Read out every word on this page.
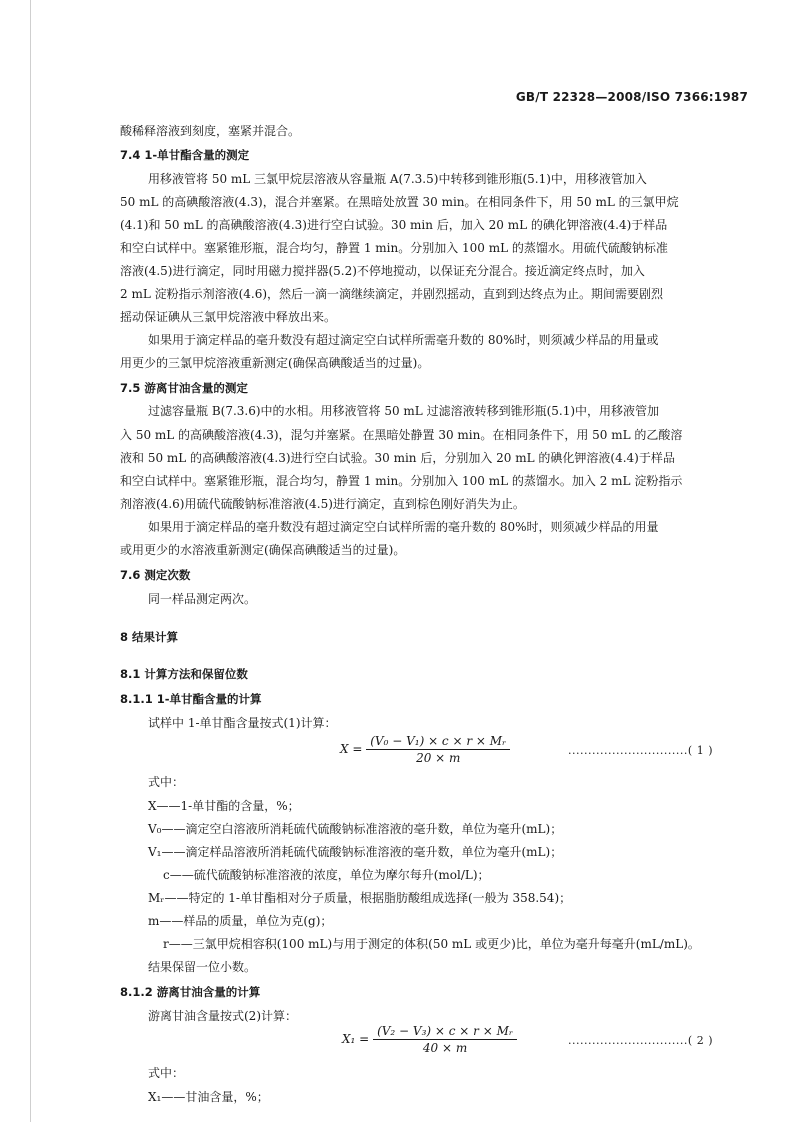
GB/T 22328—2008/ISO 7366:1987
酸稀释溶液到刻度，塞紧并混合。
7.4 1-单甘酯含量的测定
用移液管将 50 mL 三氯甲烷层溶液从容量瓶 A(7.3.5)中转移到锥形瓶(5.1)中，用移液管加入
50 mL 的高碘酸溶液(4.3)，混合并塞紧。在黑暗处放置 30 min。在相同条件下，用 50 mL 的三氯甲烷
(4.1)和 50 mL 的高碘酸溶液(4.3)进行空白试验。30 min 后，加入 20 mL 的碘化钾溶液(4.4)于样品
和空白试样中。塞紧锥形瓶，混合均匀，静置 1 min。分别加入 100 mL 的蒸馏水。用硫代硫酸钠标准
溶液(4.5)进行滴定，同时用磁力搅拌器(5.2)不停地搅动，以保证充分混合。接近滴定终点时，加入
2 mL 淀粉指示剂溶液(4.6)，然后一滴一滴继续滴定，并剧烈摇动，直到到达终点为止。期间需要剧烈
摇动保证碘从三氯甲烷溶液中释放出来。
如果用于滴定样品的毫升数没有超过滴定空白试样所需毫升数的 80%时，则须减少样品的用量或
用更少的三氯甲烷溶液重新测定(确保高碘酸适当的过量)。
7.5 游离甘油含量的测定
过滤容量瓶 B(7.3.6)中的水相。用移液管将 50 mL 过滤溶液转移到锥形瓶(5.1)中，用移液管加
入 50 mL 的高碘酸溶液(4.3)，混匀并塞紧。在黑暗处静置 30 min。在相同条件下，用 50 mL 的乙酸溶
液和 50 mL 的高碘酸溶液(4.3)进行空白试验。30 min 后，分别加入 20 mL 的碘化钾溶液(4.4)于样品
和空白试样中。塞紧锥形瓶，混合均匀，静置 1 min。分别加入 100 mL 的蒸馏水。加入 2 mL 淀粉指示
剂溶液(4.6)用硫代硫酸钠标准溶液(4.5)进行滴定，直到棕色刚好消失为止。
如果用于滴定样品的毫升数没有超过滴定空白试样所需的毫升数的 80%时，则须减少样品的用量
或用更少的水溶液重新测定(确保高碘酸适当的过量)。
7.6 测定次数
同一样品测定两次。
8 结果计算
8.1 计算方法和保留位数
8.1.1 1-单甘酯含量的计算
试样中 1-单甘酯含量按式(1)计算：
$X = \frac{\text{(V₀ − V₁) × c × r × Mᵣ}}{20 \times m}$	..............................( 1 )
式中：
X——1-单甘酯的含量，%；
V₀——滴定空白溶液所消耗硫代硫酸钠标准溶液的毫升数，单位为毫升(mL)；
V₁——滴定样品溶液所消耗硫代硫酸钠标准溶液的毫升数，单位为毫升(mL)；
c——硫代硫酸钠标准溶液的浓度，单位为摩尔每升(mol/L)；
Mᵣ——特定的 1-单甘酯相对分子质量，根据脂肪酸组成选择(一般为 358.54)；
m——样品的质量，单位为克(g)；
r——三氯甲烷相容积(100 mL)与用于测定的体积(50 mL 或更少)比，单位为毫升每毫升(mL/mL)。
结果保留一位小数。
8.1.2 游离甘油含量的计算
游离甘油含量按式(2)计算：
$X_1 = \frac{\text{(V₂ − V₃) × c × r × Mᵣ}}{40 \times m}$	..............................( 2 )
式中：
X₁——甘油含量，%；
